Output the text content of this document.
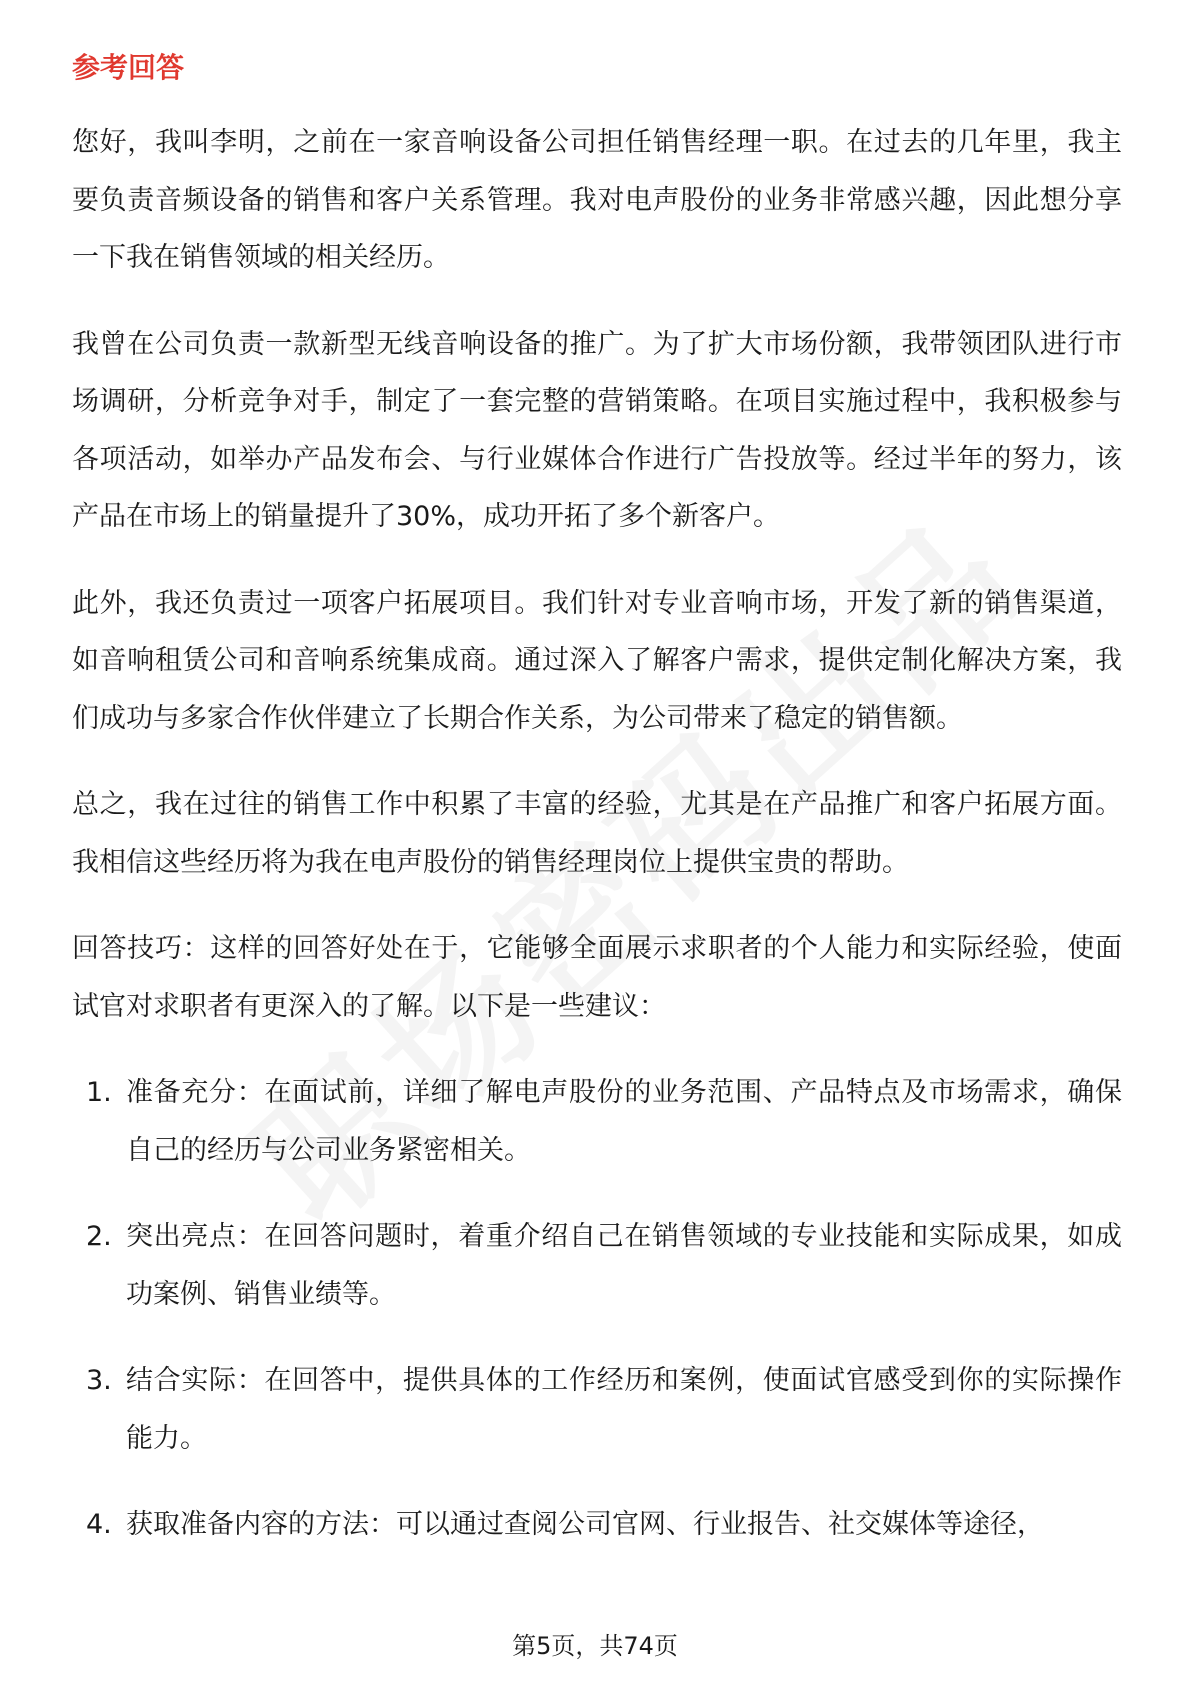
参考回答

您好，我叫李明，之前在一家音响设备公司担任销售经理一职。在过去的几年里，我主要负责音频设备的销售和客户关系管理。我对电声股份的业务非常感兴趣，因此想分享一下我在销售领域的相关经历。

我曾在公司负责一款新型无线音响设备的推广。为了扩大市场份额，我带领团队进行市场调研，分析竞争对手，制定了一套完整的营销策略。在项目实施过程中，我积极参与各项活动，如举办产品发布会、与行业媒体合作进行广告投放等。经过半年的努力，该产品在市场上的销量提升了30%，成功开拓了多个新客户。

此外，我还负责过一项客户拓展项目。我们针对专业音响市场，开发了新的销售渠道，如音响租赁公司和音响系统集成商。通过深入了解客户需求，提供定制化解决方案，我们成功与多家合作伙伴建立了长期合作关系，为公司带来了稳定的销售额。

总之，我在过往的销售工作中积累了丰富的经验，尤其是在产品推广和客户拓展方面。我相信这些经历将为我在电声股份的销售经理岗位上提供宝贵的帮助。

回答技巧：这样的回答好处在于，它能够全面展示求职者的个人能力和实际经验，使面试官对求职者有更深入的了解。以下是一些建议：

1. 准备充分：在面试前，详细了解电声股份的业务范围、产品特点及市场需求，确保自己的经历与公司业务紧密相关。
2. 突出亮点：在回答问题时，着重介绍自己在销售领域的专业技能和实际成果，如成功案例、销售业绩等。
3. 结合实际：在回答中，提供具体的工作经历和案例，使面试官感受到你的实际操作能力。
4. 获取准备内容的方法：可以通过查阅公司官网、行业报告、社交媒体等途径，
第5页，共74页
